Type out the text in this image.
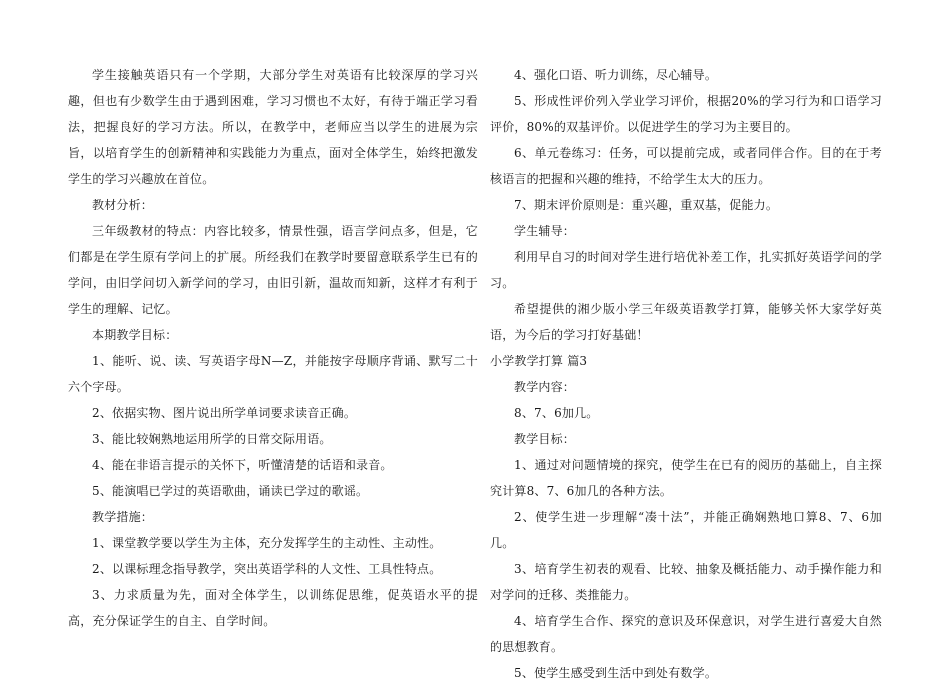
学生接触英语只有一个学期，大部分学生对英语有比较深厚的学习兴趣，但也有少数学生由于遇到困难，学习习惯也不太好，有待于端正学习看法，把握良好的学习方法。所以，在教学中，老师应当以学生的进展为宗旨，以培育学生的创新精神和实践能力为重点，面对全体学生，始终把激发学生的学习兴趣放在首位。

教材分析：

三年级教材的特点：内容比较多，情景性强，语言学问点多，但是，它们都是在学生原有学问上的扩展。所经我们在教学时要留意联系学生已有的学问，由旧学问切入新学问的学习，由旧引新，温故而知新，这样才有利于学生的理解、记忆。

本期教学目标：

1、能听、说、读、写英语字母N—Z，并能按字母顺序背诵、默写二十六个字母。

2、依据实物、图片说出所学单词要求读音正确。

3、能比较娴熟地运用所学的日常交际用语。

4、能在非语言提示的关怀下，听懂清楚的话语和录音。

5、能演唱已学过的英语歌曲，诵读已学过的歌谣。

教学措施：

1、课堂教学要以学生为主体，充分发挥学生的主动性、主动性。

2、以课标理念指导教学，突出英语学科的人文性、工具性特点。

3、力求质量为先，面对全体学生，以训练促思维，促英语水平的提高，充分保证学生的自主、自学时间。

4、强化口语、听力训练，尽心辅导。

5、形成性评价列入学业学习评价，根据20%的学习行为和口语学习评价，80%的双基评价。以促进学生的学习为主要目的。

6、单元卷练习：任务，可以提前完成，或者同伴合作。目的在于考核语言的把握和兴趣的维持，不给学生太大的压力。

7、期末评价原则是：重兴趣，重双基，促能力。

学生辅导：

利用早自习的时间对学生进行培优补差工作，扎实抓好英语学问的学习。

希望提供的湘少版小学三年级英语教学打算，能够关怀大家学好英语，为今后的学习打好基础！

小学教学打算 篇3

教学内容：

8、7、6加几。

教学目标：

1、通过对问题情境的探究，使学生在已有的阅历的基础上，自主探究计算8、7、6加几的各种方法。

2、使学生进一步理解“凑十法”，并能正确娴熟地口算8、7、6加几。

3、培育学生初表的观看、比较、抽象及概括能力、动手操作能力和对学问的迁移、类推能力。

4、培育学生合作、探究的意识及环保意识，对学生进行喜爱大自然的思想教育。

5、使学生感受到生活中到处有数学。
